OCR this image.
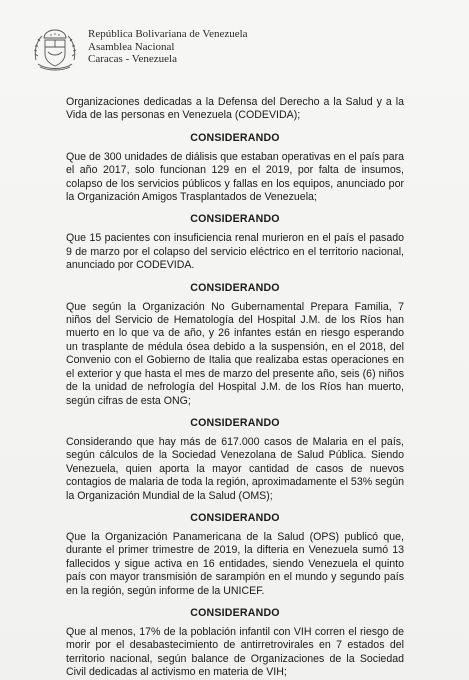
República Bolivariana de Venezuela
Asamblea Nacional
Caracas - Venezuela

Organizaciones dedicadas a la Defensa del Derecho a la Salud y a la Vida de las personas en Venezuela (CODEVIDA);

CONSIDERANDO

Que de 300 unidades de diálisis que estaban operativas en el país para el año 2017, solo funcionan 129 en el 2019, por falta de insumos, colapso de los servicios públicos y fallas en los equipos, anunciado por la Organización Amigos Trasplantados de Venezuela;

CONSIDERANDO

Que 15 pacientes con insuficiencia renal murieron en el país el pasado 9 de marzo por el colapso del servicio eléctrico en el territorio nacional, anunciado por CODEVIDA.

CONSIDERANDO

Que según la Organización No Gubernamental Prepara Familia, 7 niños del Servicio de Hematología del Hospital J.M. de los Ríos han muerto en lo que va de año, y 26 infantes están en riesgo esperando un trasplante de médula ósea debido a la suspensión, en el 2018, del Convenio con el Gobierno de Italia que realizaba estas operaciones en el exterior y que hasta el mes de marzo del presente año, seis (6) niños de la unidad de nefrología del Hospital J.M. de los Ríos han muerto, según cifras de esta ONG;

CONSIDERANDO

Considerando que hay más de 617.000 casos de Malaria en el país, según cálculos de la Sociedad Venezolana de Salud Pública. Siendo Venezuela, quien aporta la mayor cantidad de casos de nuevos contagios de malaria de toda la región, aproximadamente el 53% según la Organización Mundial de la Salud (OMS);

CONSIDERANDO

Que la Organización Panamericana de la Salud (OPS) publicó que, durante el primer trimestre de 2019, la difteria en Venezuela sumó 13 fallecidos y sigue activa en 16 entidades, siendo Venezuela el quinto país con mayor transmisión de sarampión en el mundo y segundo país en la región, según informe de la UNICEF.

CONSIDERANDO

Que al menos, 17% de la población infantil con VIH corren el riesgo de morir por el desabastecimiento de antirretrovirales en 7 estados del territorio nacional, según balance de Organizaciones de la Sociedad Civil dedicadas al activismo en materia de VIH;
